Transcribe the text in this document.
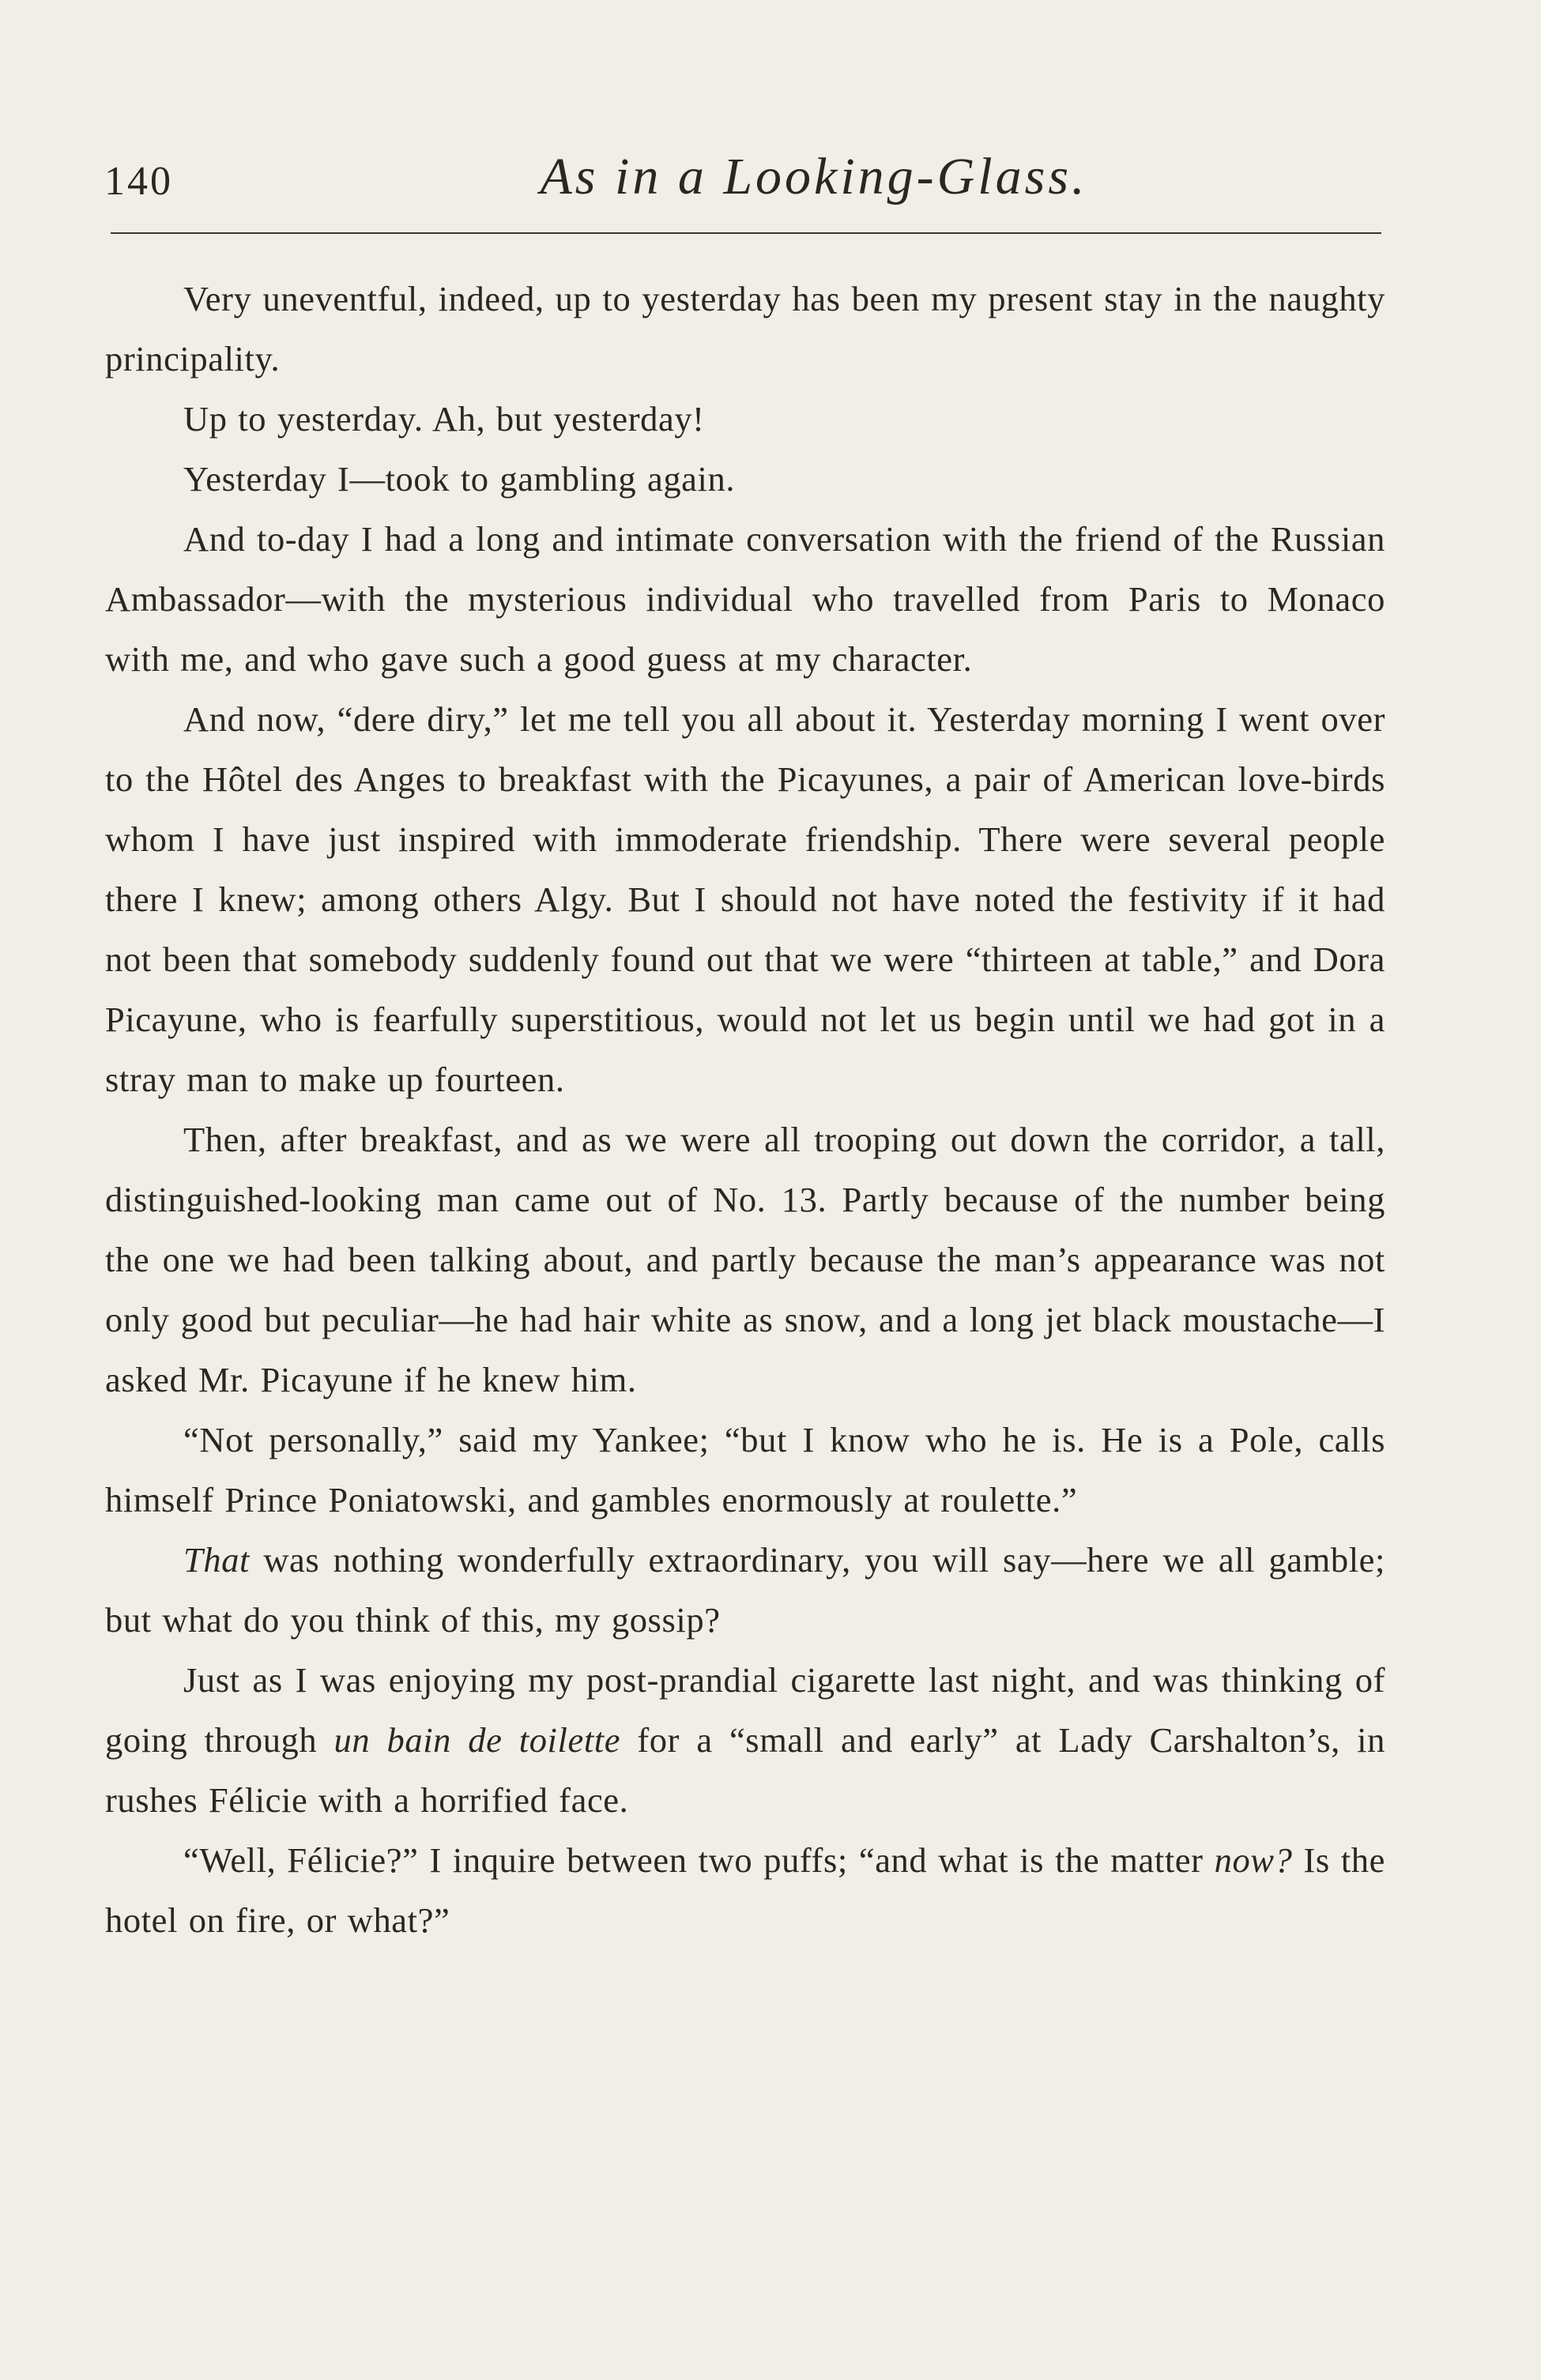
140	As in a Looking-Glass.

Very uneventful, indeed, up to yesterday has been my present stay in the naughty principality.

Up to yesterday. Ah, but yesterday!

Yesterday I—took to gambling again.

And to-day I had a long and intimate conversation with the friend of the Russian Ambassador—with the mysterious individual who travelled from Paris to Monaco with me, and who gave such a good guess at my character.

And now, “dere diry,” let me tell you all about it. Yesterday morning I went over to the Hôtel des Anges to breakfast with the Picayunes, a pair of American love-birds whom I have just inspired with immoderate friendship. There were several people there I knew; among others Algy. But I should not have noted the festivity if it had not been that somebody suddenly found out that we were “thirteen at table,” and Dora Picayune, who is fearfully superstitious, would not let us begin until we had got in a stray man to make up fourteen.

Then, after breakfast, and as we were all trooping out down the corridor, a tall, distinguished-looking man came out of No. 13. Partly because of the number being the one we had been talking about, and partly because the man’s appearance was not only good but peculiar—he had hair white as snow, and a long jet black moustache—I asked Mr. Picayune if he knew him.

“Not personally,” said my Yankee; “but I know who he is. He is a Pole, calls himself Prince Poniatowski, and gambles enormously at roulette.”

That was nothing wonderfully extraordinary, you will say—here we all gamble; but what do you think of this, my gossip?

Just as I was enjoying my post-prandial cigarette last night, and was thinking of going through un bain de toilette for a “small and early” at Lady Carshalton’s, in rushes Félicie with a horrified face.

“Well, Félicie?” I inquire between two puffs; “and what is the matter now? Is the hotel on fire, or what?”
